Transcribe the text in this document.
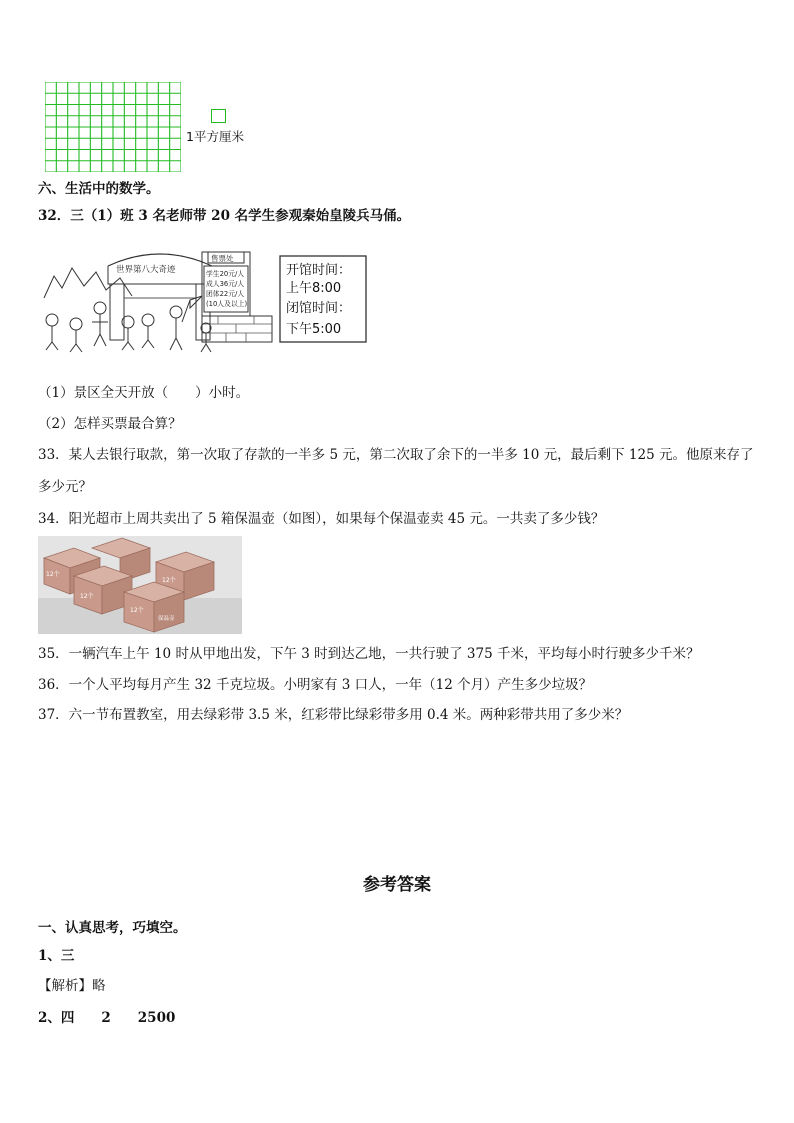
1平方厘米
六、生活中的数学。
32．三（1）班 3 名老师带 20 名学生参观秦始皇陵兵马俑。
世界第八大奇迹
售票处
学生20元/人
成人36元/人
团体22元/人
(10人及以上)
开馆时间：
上午8:00
闭馆时间：
下午5:00
（1）景区全天开放（　　）小时。
（2）怎样买票最合算？
33．某人去银行取款，第一次取了存款的一半多 5 元，第二次取了余下的一半多 10 元，最后剩下 125 元。他原来存了
多少元？
34．阳光超市上周共卖出了 5 箱保温壶（如图），如果每个保温壶卖 45 元。一共卖了多少钱？
12个
12个
12个
12个
保温壶
35．一辆汽车上午 10 时从甲地出发，下午 3 时到达乙地，一共行驶了 375 千米，平均每小时行驶多少千米？
36．一个人平均每月产生 32 千克垃圾。小明家有 3 口人，一年（12 个月）产生多少垃圾？
37．六一节布置教室，用去绿彩带 3.5 米，红彩带比绿彩带多用 0.4 米。两种彩带共用了多少米？
参考答案
一、认真思考，巧填空。
1、三
【解析】略
2、四　　2　　2500
